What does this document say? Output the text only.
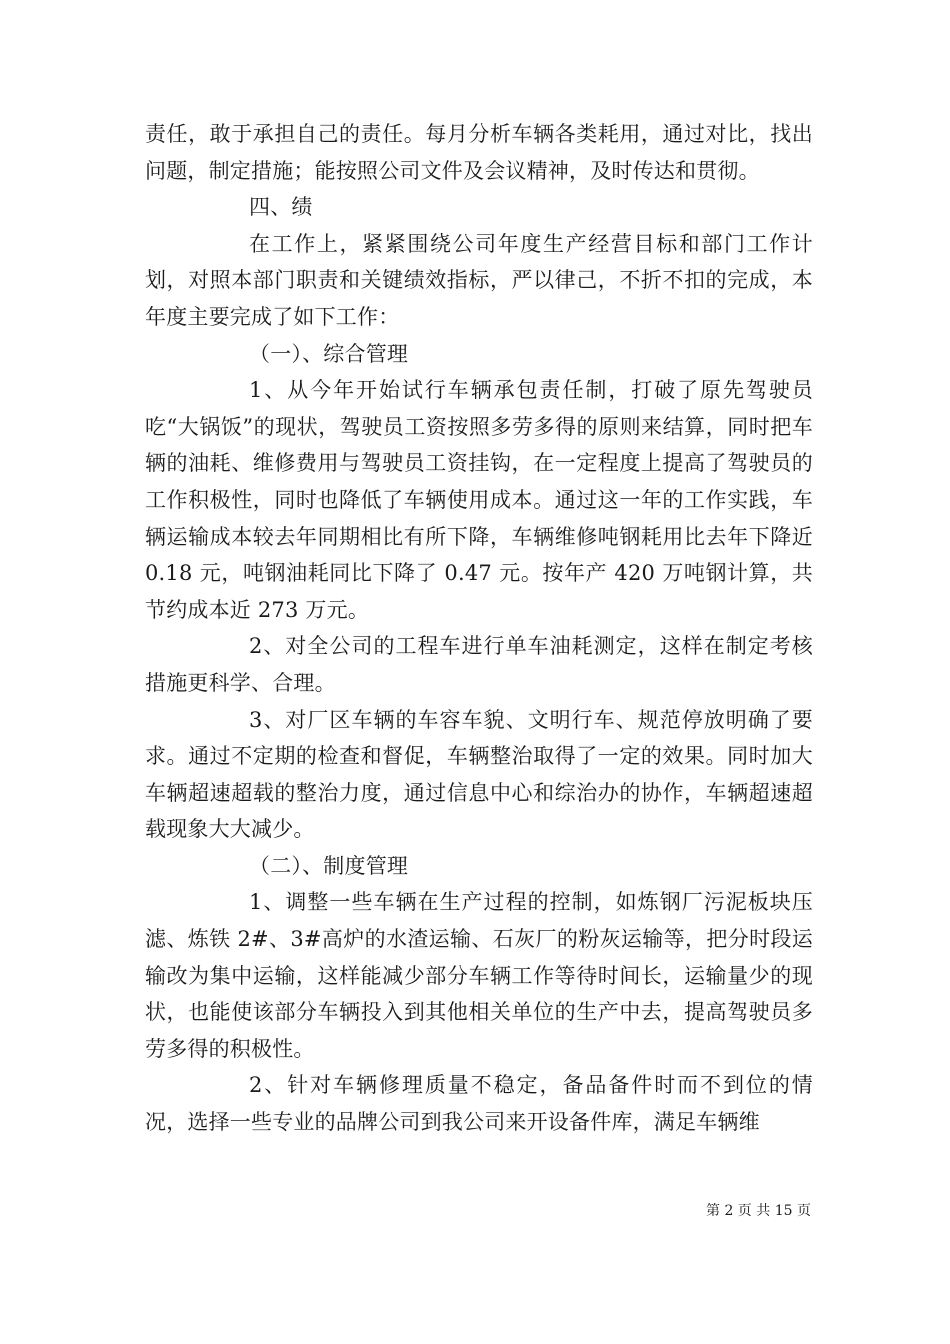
责任，敢于承担自己的责任。每月分析车辆各类耗用，通过对比，找出问题，制定措施；能按照公司文件及会议精神，及时传达和贯彻。

四、绩

在工作上，紧紧围绕公司年度生产经营目标和部门工作计划，对照本部门职责和关键绩效指标，严以律己，不折不扣的完成，本年度主要完成了如下工作：

（一）、综合管理

1、从今年开始试行车辆承包责任制，打破了原先驾驶员吃“大锅饭”的现状，驾驶员工资按照多劳多得的原则来结算，同时把车辆的油耗、维修费用与驾驶员工资挂钩，在一定程度上提高了驾驶员的工作积极性，同时也降低了车辆使用成本。通过这一年的工作实践，车辆运输成本较去年同期相比有所下降，车辆维修吨钢耗用比去年下降近 0.18 元，吨钢油耗同比下降了 0.47 元。按年产 420 万吨钢计算，共节约成本近 273 万元。

2、对全公司的工程车进行单车油耗测定，这样在制定考核措施更科学、合理。

3、对厂区车辆的车容车貌、文明行车、规范停放明确了要求。通过不定期的检查和督促，车辆整治取得了一定的效果。同时加大车辆超速超载的整治力度，通过信息中心和综治办的协作，车辆超速超载现象大大减少。

（二）、制度管理

1、调整一些车辆在生产过程的控制，如炼钢厂污泥板块压滤、炼铁 2#、3#高炉的水渣运输、石灰厂的粉灰运输等，把分时段运输改为集中运输，这样能减少部分车辆工作等待时间长，运输量少的现状，也能使该部分车辆投入到其他相关单位的生产中去，提高驾驶员多劳多得的积极性。

2、针对车辆修理质量不稳定，备品备件时而不到位的情况，选择一些专业的品牌公司到我公司来开设备件库，满足车辆维

第 2 页 共 15 页
